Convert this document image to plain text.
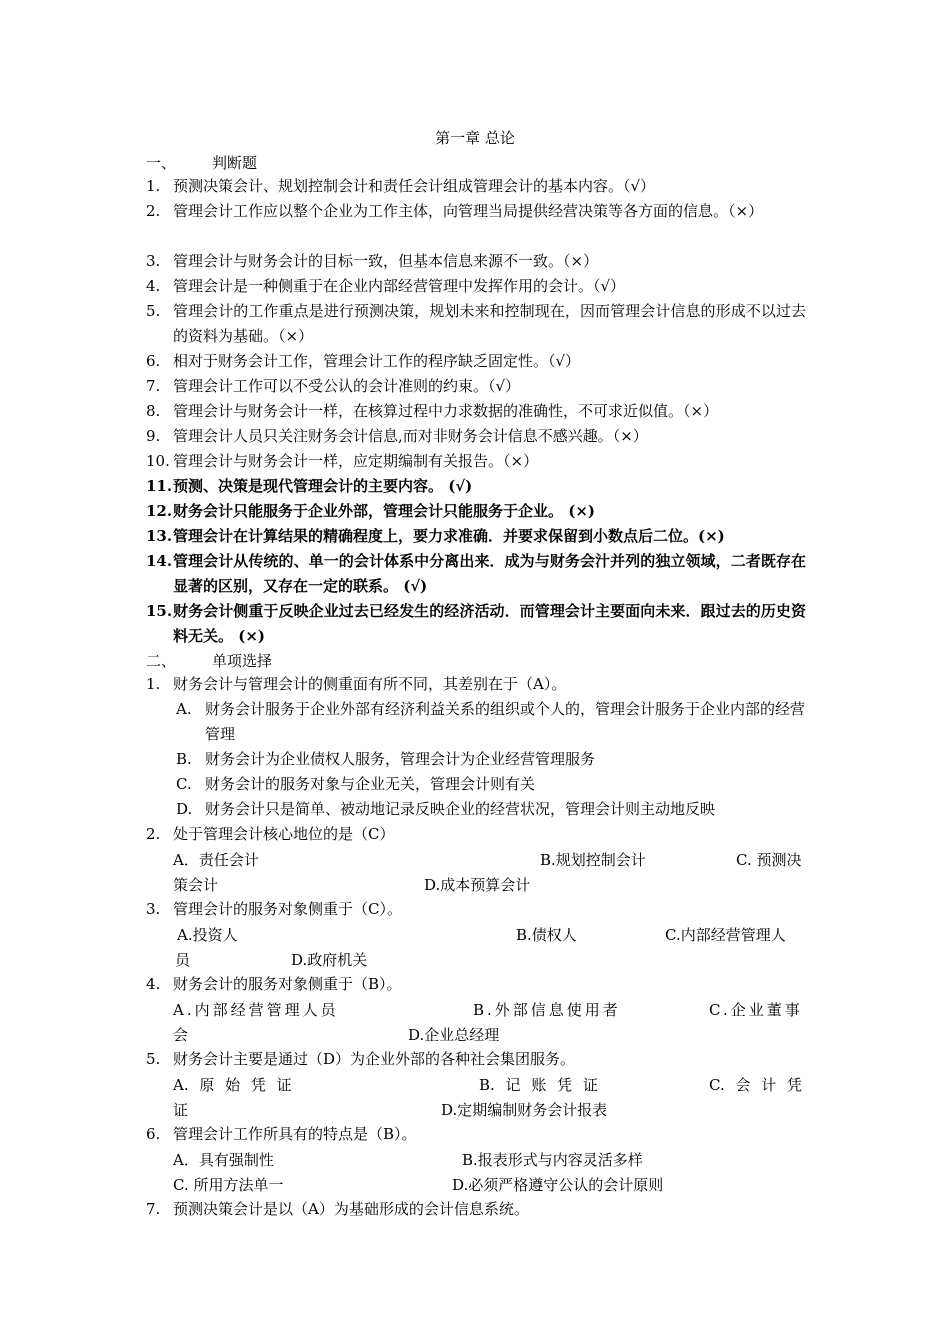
第一章 总论
一、 判断题
1. 预测决策会计、规划控制会计和责任会计组成管理会计的基本内容。（√）
2. 管理会计工作应以整个企业为工作主体，向管理当局提供经营决策等各方面的信息。（×）
3. 管理会计与财务会计的目标一致，但基本信息来源不一致。（×）
4. 管理会计是一种侧重于在企业内部经营管理中发挥作用的会计。（√）
5. 管理会计的工作重点是进行预测决策，规划未来和控制现在，因而管理会计信息的形成不以过去的资料为基础。（×）
6. 相对于财务会计工作，管理会计工作的程序缺乏固定性。（√）
7. 管理会计工作可以不受公认的会计准则的约束。（√）
8. 管理会计与财务会计一样，在核算过程中力求数据的准确性，不可求近似值。（×）
9. 管理会计人员只关注财务会计信息,而对非财务会计信息不感兴趣。（×）
10. 管理会计与财务会计一样，应定期编制有关报告。（×）
11. 预测、决策是现代管理会计的主要内容。 (√)
12. 财务会计只能服务于企业外部，管理会计只能服务于企业。 (×)
13. 管理会计在计算结果的精确程度上，要力求准确．并要求保留到小数点后二位。(×)
14. 管理会计从传统的、单一的会计体系中分离出来．成为与财务会汁并列的独立领域，二者既存在显著的区别，又存在一定的联系。 (√)
15. 财务会计侧重于反映企业过去已经发生的经济活动．而管理会计主要面向未来．跟过去的历史资料无关。 (×)
二、 单项选择
1. 财务会计与管理会计的侧重面有所不同，其差别在于（A）。
A. 财务会计服务于企业外部有经济利益关系的组织或个人的，管理会计服务于企业内部的经营管理
B. 财务会计为企业债权人服务，管理会计为企业经营管理服务
C. 财务会计的服务对象与企业无关，管理会计则有关
D. 财务会计只是简单、被动地记录反映企业的经营状况，管理会计则主动地反映
2. 处于管理会计核心地位的是（C）
A．责任会计	B.规划控制会计	C. 预测决
策会计	D.成本预算会计
3. 管理会计的服务对象侧重于（C）。
A.投资人	B.债权人	C.内部经营管理人
员	D.政府机关
4. 财务会计的服务对象侧重于（B）。
A.内部经营管理人员	B.外部信息使用者	C.企业董事
会	D.企业总经理
5. 财务会计主要是通过（D）为企业外部的各种社会集团服务。
A. 原 始 凭 证	B. 记 账 凭 证	C. 会 计 凭
证	D.定期编制财务会计报表
6. 管理会计工作所具有的特点是（B）。
A．具有强制性	B.报表形式与内容灵活多样
C. 所用方法单一	D.必须严格遵守公认的会计原则
7. 预测决策会计是以（A）为基础形成的会计信息系统。
